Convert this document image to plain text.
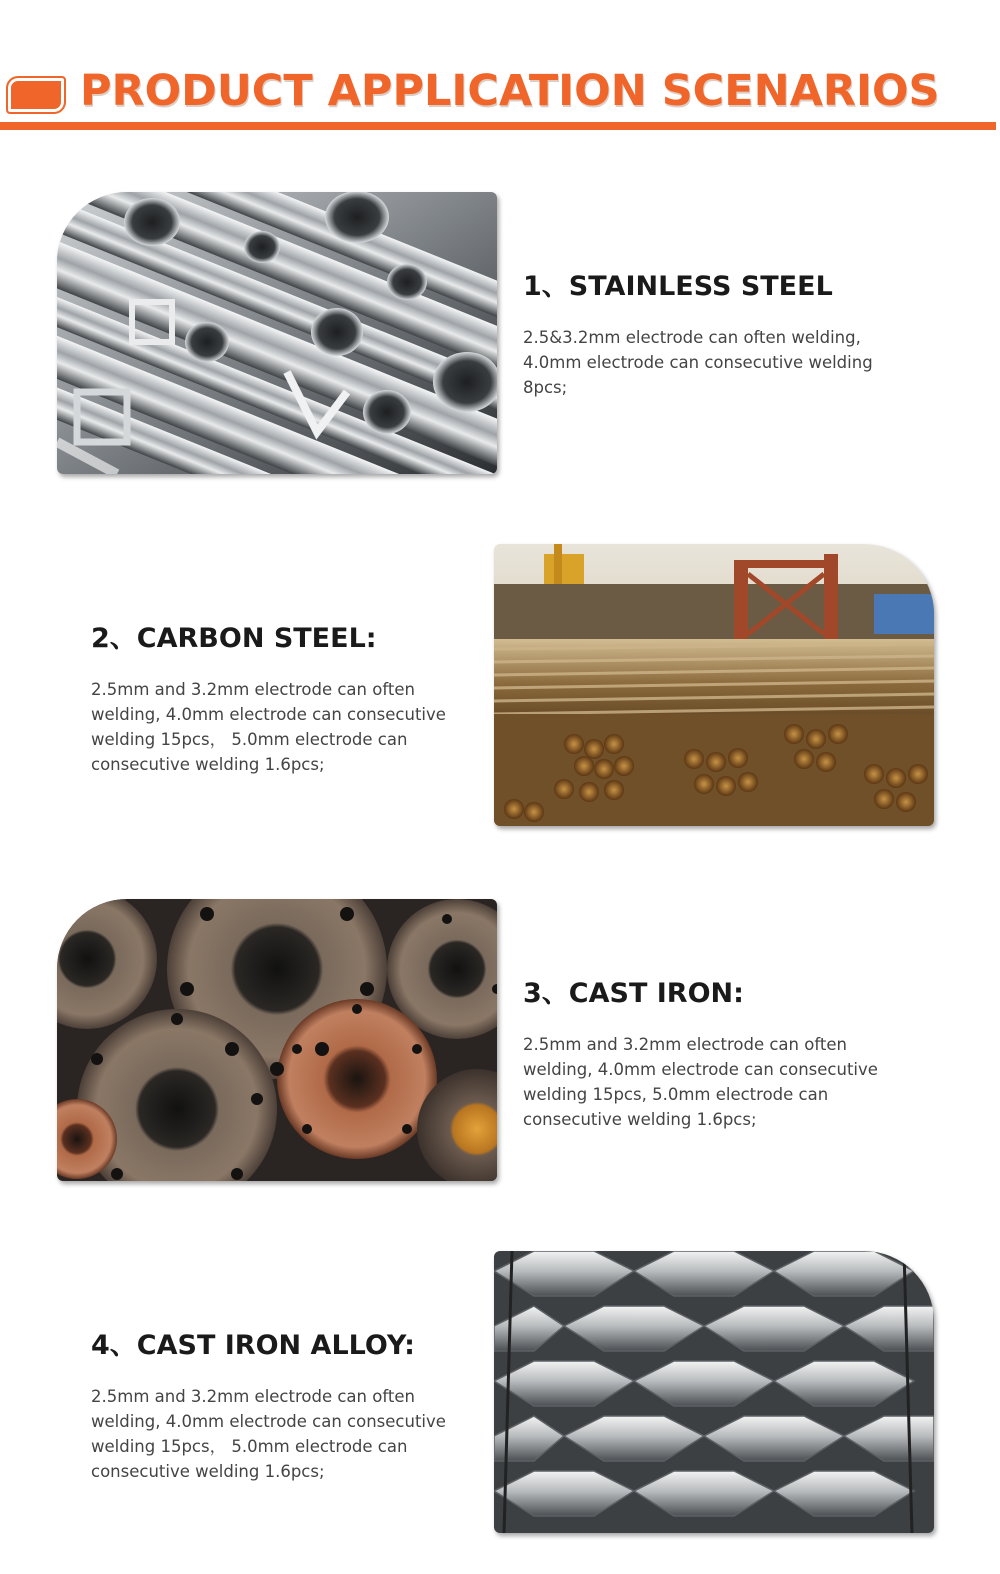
PRODUCT APPLICATION SCENARIOS
1、STAINLESS STEEL
2.5&3.2mm electrode can often welding, 4.0mm electrode can consecutive welding 8pcs;
2、CARBON STEEL:
2.5mm and 3.2mm electrode can often welding, 4.0mm electrode can consecutive welding 15pcs， 5.0mm electrode can consecutive welding 1.6pcs;
3、CAST IRON:
2.5mm and 3.2mm electrode can often welding, 4.0mm electrode can consecutive welding 15pcs, 5.0mm electrode can consecutive welding 1.6pcs;
4、CAST IRON ALLOY:
2.5mm and 3.2mm electrode can often welding, 4.0mm electrode can consecutive welding 15pcs， 5.0mm electrode can consecutive welding 1.6pcs;
